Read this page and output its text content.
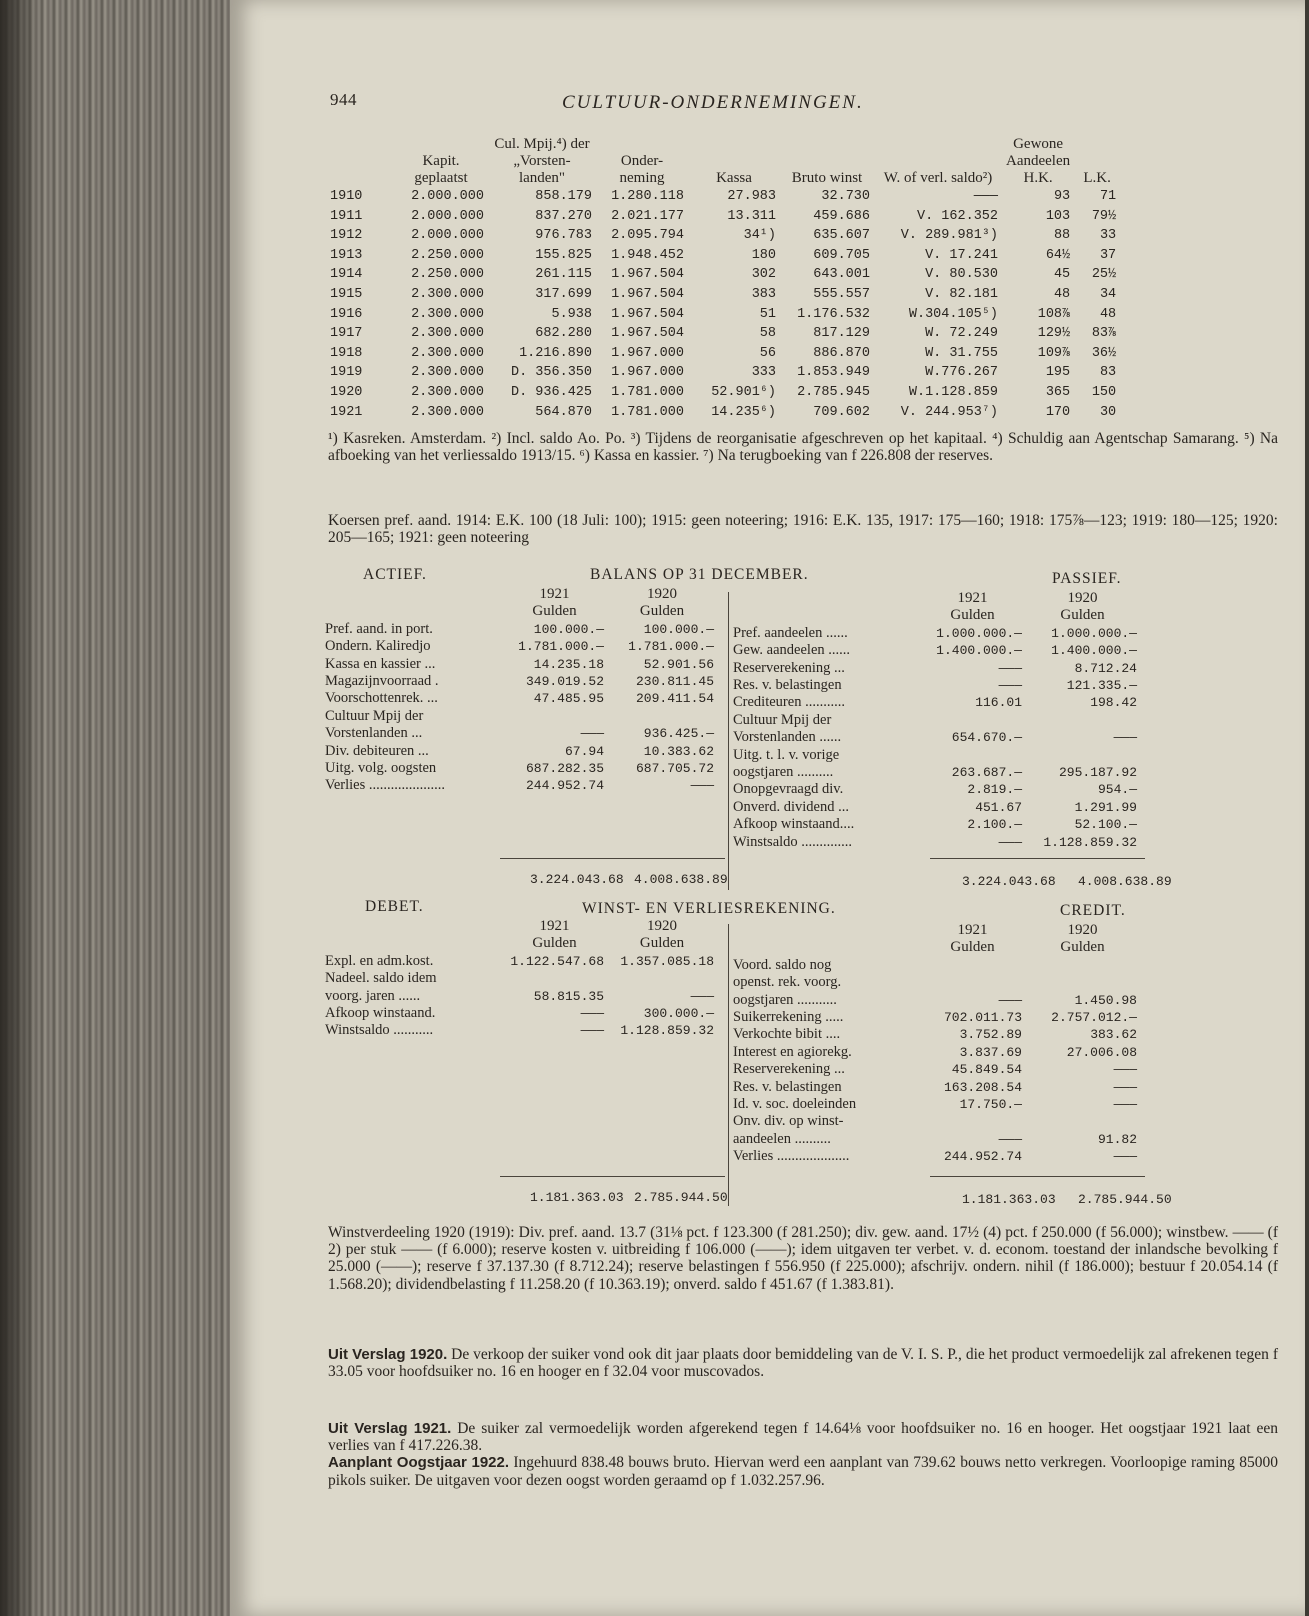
944	CULTUUR-ONDERNEMINGEN.
	Kapit. geplaatst	Cul. Mpij.⁴) der „Vorsten- landen"	Onder- neming	Kassa	Bruto winst	W. of verl. saldo²)	Gewone Aandeelen H.K.	L.K.
1910	2.000.000	858.179	1.280.118	27.983	32.730	———	93	71
1911	2.000.000	837.270	2.021.177	13.311	459.686	V. 162.352	103	79½
1912	2.000.000	976.783	2.095.794	34¹)	635.607	V. 289.981³)	88	33
1913	2.250.000	155.825	1.948.452	180	609.705	V. 17.241	64½	37
1914	2.250.000	261.115	1.967.504	302	643.001	V. 80.530	45	25½
1915	2.300.000	317.699	1.967.504	383	555.557	V. 82.181	48	34
1916	2.300.000	5.938	1.967.504	51	1.176.532	W.304.105⁵)	108⅞	48
1917	2.300.000	682.280	1.967.504	58	817.129	W. 72.249	129½	83⅞
1918	2.300.000	1.216.890	1.967.000	56	886.870	W. 31.755	109⅞	36½
1919	2.300.000	D. 356.350	1.967.000	333	1.853.949	W.776.267	195	83
1920	2.300.000	D. 936.425	1.781.000	52.901⁶)	2.785.945	W.1.128.859	365	150
1921	2.300.000	564.870	1.781.000	14.235⁶)	709.602	V. 244.953⁷)	170	30
¹) Kasreken. Amsterdam. ²) Incl. saldo Ao. Po. ³) Tijdens de reorganisatie afgeschreven op het kapitaal. ⁴) Schuldig aan Agentschap Samarang. ⁵) Na afboeking van het verliessaldo 1913/15. ⁶) Kassa en kassier. ⁷) Na terugboeking van f 226.808 der reserves.
Koersen pref. aand. 1914: E.K. 100 (18 Juli: 100); 1915: geen noteering; 1916: E.K. 135, 1917: 175—160; 1918: 175⅞—123; 1919: 180—125; 1920: 205—165; 1921: geen noteering
ACTIEF.	BALANS OP 31 DECEMBER.	PASSIEF.
	1921	1920
	Gulden	Gulden
Pref. aand. in port.	100.000.—	100.000.—
Ondern. Kaliredjo	1.781.000.—	1.781.000.—
Kassa en kassier ...	14.235.18	52.901.56
Magazijnvoorraad .	349.019.52	230.811.45
Voorschottenrek. ...	47.485.95	209.411.54
Cultuur Mpij der		
Vorstenlanden ...	———	936.425.—
Div. debiteuren ...	67.94	10.383.62
Uitg. volg. oogsten	687.282.35	687.705.72
Verlies .....................	244.952.74	———
	1921	1920
	Gulden	Gulden
Pref. aandeelen ......	1.000.000.—	1.000.000.—
Gew. aandeelen ......	1.400.000.—	1.400.000.—
Reserverekening ...	———	8.712.24
Res. v. belastingen	———	121.335.—
Crediteuren ...........	116.01	198.42
Cultuur Mpij der		
Vorstenlanden ......	654.670.—	———
Uitg. t. l. v. vorige		
oogstjaren ..........	263.687.—	295.187.92
Onopgevraagd div.	2.819.—	954.—
Onverd. dividend ...	451.67	1.291.99
Afkoop winstaand....	2.100.—	52.100.—
Winstsaldo ..............	———	1.128.859.32
3.224.043.68 4.008.638.89	3.224.043.68 4.008.638.89
DEBET.	WINST- EN VERLIESREKENING.	CREDIT.
	1921	1920
	Gulden	Gulden
Expl. en adm.kost.	1.122.547.68	1.357.085.18
Nadeel. saldo idem		
voorg. jaren ......	58.815.35	———
Afkoop winstaand.	———	300.000.—
Winstsaldo ...........	———	1.128.859.32
	1921	1920
	Gulden	Gulden
Voord. saldo nog		
openst. rek. voorg.		
oogstjaren ...........	———	1.450.98
Suikerrekening .....	702.011.73	2.757.012.—
Verkochte bibit ....	3.752.89	383.62
Interest en agiorekg.	3.837.69	27.006.08
Reserverekening ...	45.849.54	———
Res. v. belastingen	163.208.54	———
Id. v. soc. doeleinden	17.750.—	———
Onv. div. op winst-		
aandeelen ..........	———	91.82
Verlies ....................	244.952.74	———
1.181.363.03 2.785.944.50	1.181.363.03 2.785.944.50
Winstverdeeling 1920 (1919): Div. pref. aand. 13.7 (31⅛ pct. f 123.300 (f 281.250); div. gew. aand. 17½ (4) pct. f 250.000 (f 56.000); winstbew. —— (f 2) per stuk —— (f 6.000); reserve kosten v. uitbreiding f 106.000 (——); idem uitgaven ter verbet. v. d. econom. toestand der inlandsche bevolking f 25.000 (——); reserve f 37.137.30 (f 8.712.24); reserve belastingen f 556.950 (f 225.000); afschrijv. ondern. nihil (f 186.000); bestuur f 20.054.14 (f 1.568.20); dividendbelasting f 11.258.20 (f 10.363.19); onverd. saldo f 451.67 (f 1.383.81).
Uit Verslag 1920. De verkoop der suiker vond ook dit jaar plaats door bemiddeling van de V. I. S. P., die het product vermoedelijk zal afrekenen tegen f 33.05 voor hoofdsuiker no. 16 en hooger en f 32.04 voor muscovados.
Uit Verslag 1921. De suiker zal vermoedelijk worden afgerekend tegen f 14.64⅛ voor hoofdsuiker no. 16 en hooger. Het oogstjaar 1921 laat een verlies van f 417.226.38.
Aanplant Oogstjaar 1922. Ingehuurd 838.48 bouws bruto. Hiervan werd een aanplant van 739.62 bouws netto verkregen. Voorloopige raming 85000 pikols suiker. De uitgaven voor dezen oogst worden geraamd op f 1.032.257.96.
